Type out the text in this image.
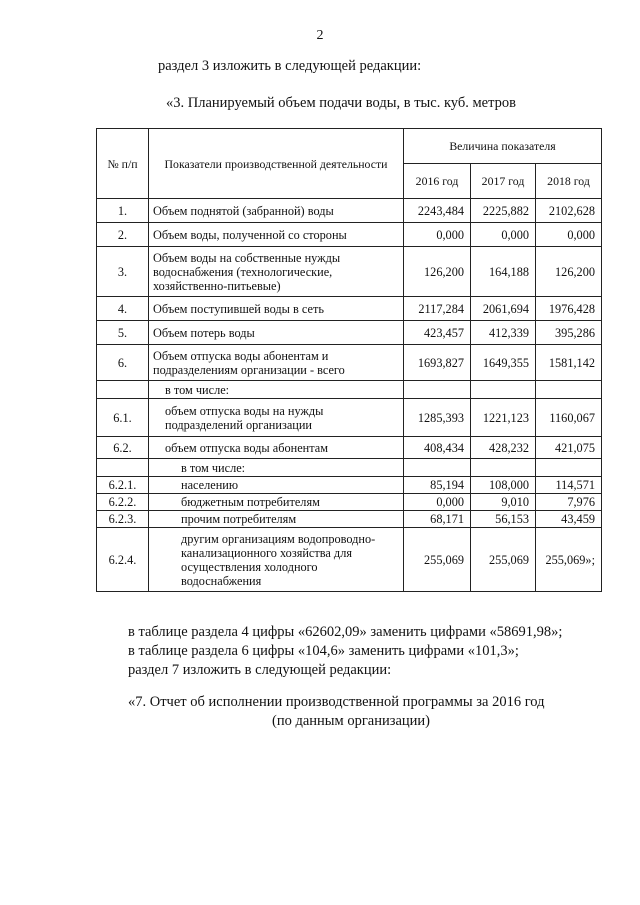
2
раздел 3 изложить в следующей редакции:
«3. Планируемый объем подачи воды, в тыс. куб. метров
№ п/п	Показатели производственной деятельности	Величина показателя		
		2016 год	2017 год	2018 год
1.	Объем поднятой (забранной) воды	2243,484	2225,882	2102,628
2.	Объем воды, полученной со стороны	0,000	0,000	0,000
3.	Объем воды на собственные нужды водоснабжения (технологические, хозяйственно-питьевые)	126,200	164,188	126,200
4.	Объем поступившей воды в сеть	2117,284	2061,694	1976,428
5.	Объем потерь воды	423,457	412,339	395,286
6.	Объем отпуска воды абонентам и подразделениям организации - всего	1693,827	1649,355	1581,142
	в том числе:			
6.1.	объем отпуска воды на нужды подразделений организации	1285,393	1221,123	1160,067
6.2.	объем отпуска воды абонентам	408,434	428,232	421,075
	в том числе:			
6.2.1.	населению	85,194	108,000	114,571
6.2.2.	бюджетным потребителям	0,000	9,010	7,976
6.2.3.	прочим потребителям	68,171	56,153	43,459
6.2.4.	другим организациям водопроводно-канализационного хозяйства для осуществления холодного водоснабжения	255,069	255,069	255,069»;
в таблице раздела 4 цифры «62602,09» заменить цифрами «58691,98»;
в таблице раздела 6 цифры «104,6» заменить цифрами «101,3»;
раздел 7 изложить в следующей редакции:
«7. Отчет об исполнении производственной программы за 2016 год
(по данным организации)
